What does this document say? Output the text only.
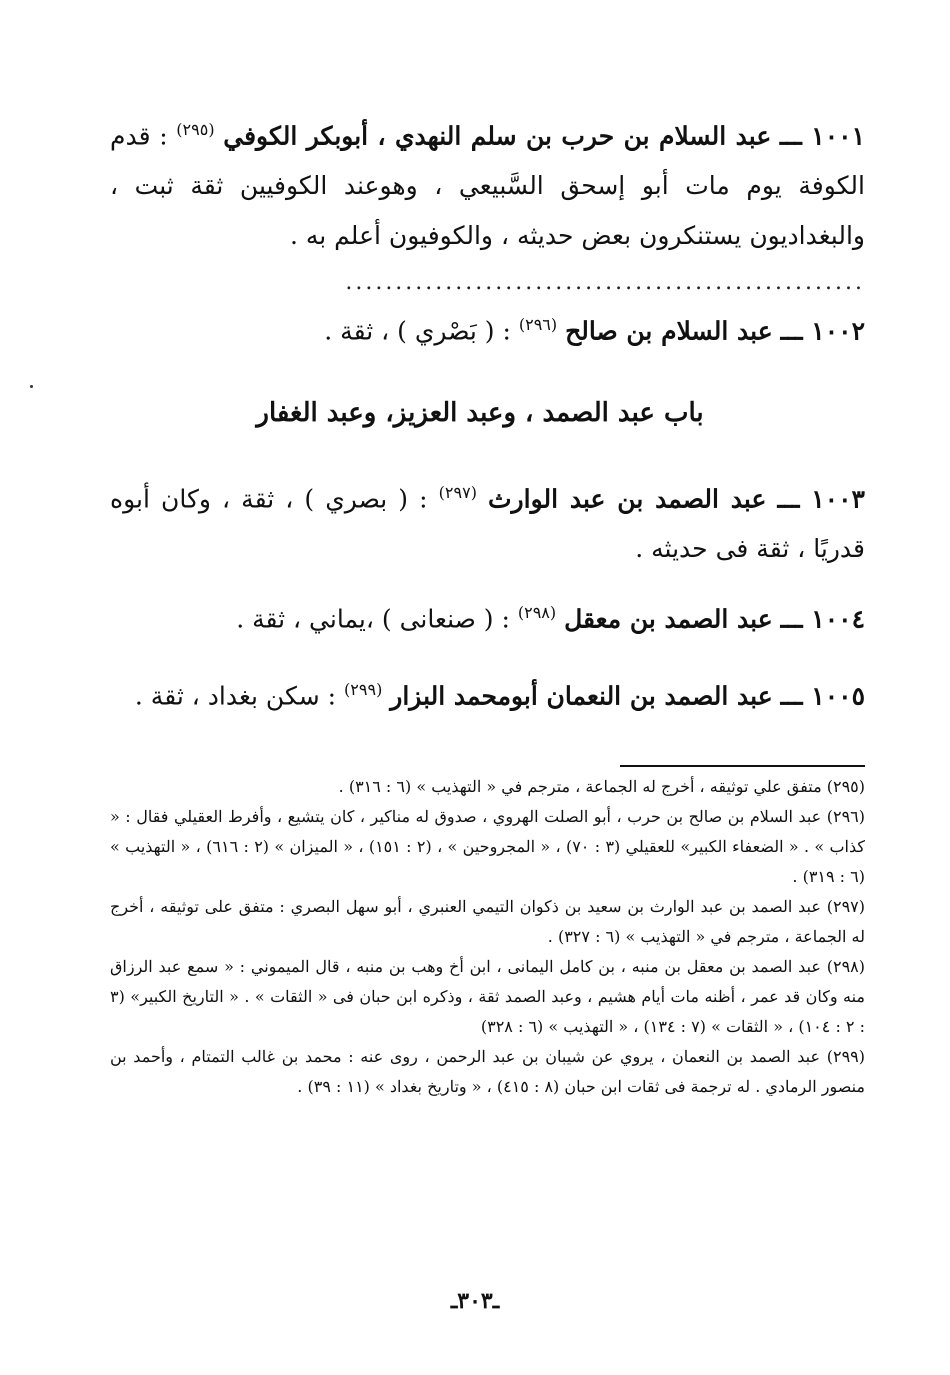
١٠٠١ ـــ عبد السلام بن حرب بن سلم النهدي ، أبوبكر الكوفي $^{(٢٩٥)}$ : قدم الكوفة يوم مات أبو إسحق السَّبيعي ، وهوعند الكوفيين ثقة ثبت ، والبغداديون يستنكرون بعض حديثه ، والكوفيون أعلم به .
....................................................
١٠٠٢ ـــ عبد السلام بن صالح $^{(٢٩٦)}$ : ( بَصْري ) ، ثقة .
باب عبد الصمد ، وعبد العزيز، وعبد الغفار
١٠٠٣ ـــ عبد الصمد بن عبد الوارث $^{(٢٩٧)}$ : ( بصري ) ، ثقة ، وكان أبوه قدريًا ، ثقة فى حديثه .
١٠٠٤ ـــ عبد الصمد بن معقل $^{(٢٩٨)}$ : ( صنعانى ) ،يماني ، ثقة .
١٠٠٥ ـــ عبد الصمد بن النعمان أبومحمد البزار $^{(٢٩٩)}$ : سكن بغداد ، ثقة .

(٢٩٥) متفق علي توثيقه ، أخرج له الجماعة ، مترجم في « التهذيب » (٦ : ٣١٦) .

(٢٩٦) عبد السلام بن صالح بن حرب ، أبو الصلت الهروي ، صدوق له مناكير ، كان يتشيع ، وأفرط العقيلي فقال : « كذاب » . « الضعفاء الكبير» للعقيلي (٣ : ٧٠) ، « المجروحين » ، (٢ : ١٥١) ، « الميزان » (٢ : ٦١٦) ، « التهذيب » (٦ : ٣١٩) .

(٢٩٧) عبد الصمد بن عبد الوارث بن سعيد بن ذكوان التيمي العنبري ، أبو سهل البصري : متفق على توثيقه ، أخرج له الجماعة ، مترجم في « التهذيب » (٦ : ٣٢٧) .

(٢٩٨) عبد الصمد بن معقل بن منبه ، بن كامل اليمانى ، ابن أخ وهب بن منبه ، قال الميموني : « سمع عبد الرزاق منه وكان قد عمر ، أظنه مات أيام هشيم ، وعبد الصمد ثقة ، وذكره ابن حبان فى « الثقات » . « التاريخ الكبير» (٣ : ٢ : ١٠٤) ، « الثقات » (٧ : ١٣٤) ، « التهذيب » (٦ : ٣٢٨)

(٢٩٩) عبد الصمد بن النعمان ، يروي عن شيبان بن عبد الرحمن ، روى عنه : محمد بن غالب التمتام ، وأحمد بن منصور الرمادي . له ترجمة فى ثقات ابن حبان (٨ : ٤١٥) ، « وتاريخ بغداد » (١١ : ٣٩) .

ـ٣٠٣ـ
